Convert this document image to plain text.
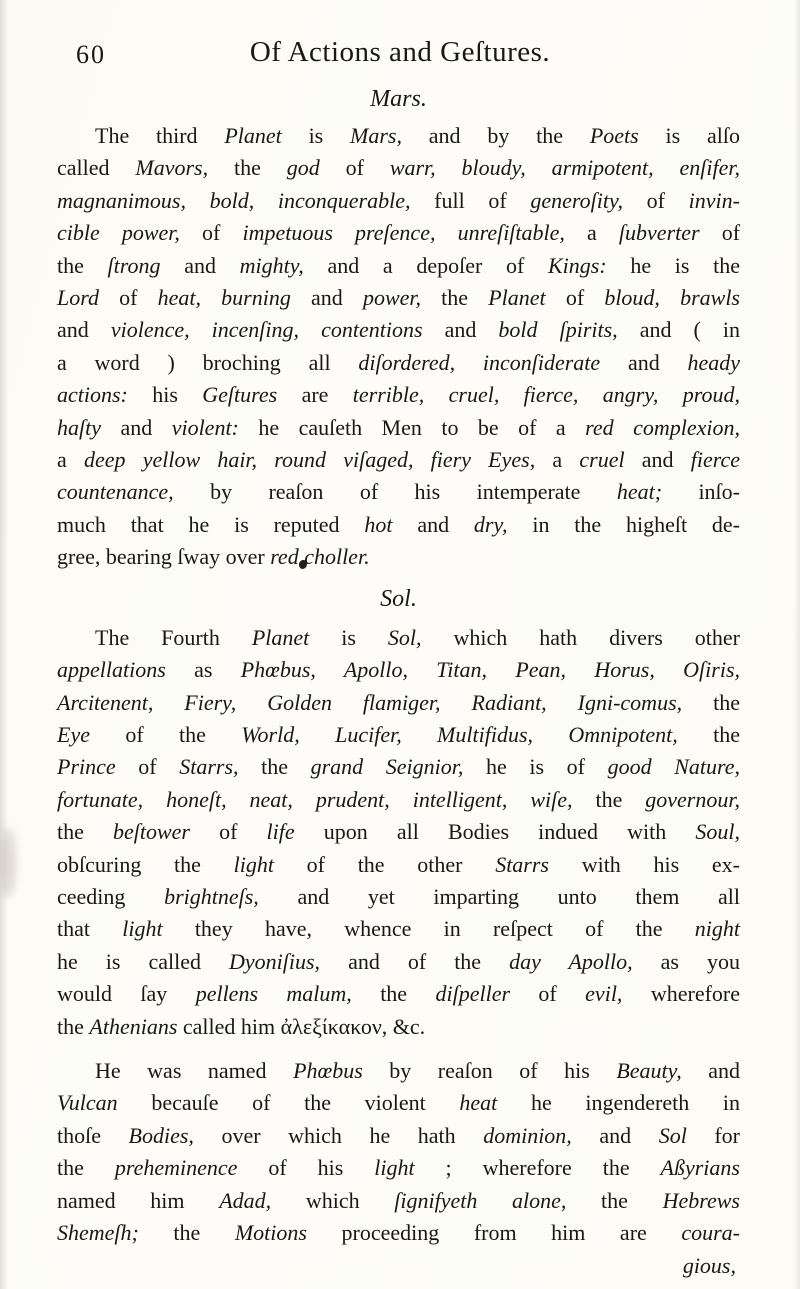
60	Of Actions and Geſtures.
Mars.
The third Planet is Mars, and by the Poets is alſo
called Mavors, the god of warr, bloudy, armipotent, enſifer,
magnanimous, bold, inconquerable, full of generoſity, of invin-
cible power, of impetuous preſence, unreſiſtable, a ſubverter of
the ſtrong and mighty, and a depoſer of Kings: he is the
Lord of heat, burning and power, the Planet of bloud, brawls
and violence, incenſing, contentions and bold ſpirits, and ( in
a word ) broching all diſordered, inconſiderate and heady
actions: his Geſtures are terrible, cruel, fierce, angry, proud,
haſty and violent: he cauſeth Men to be of a red complexion,
a deep yellow hair, round viſaged, fiery Eyes, a cruel and fierce
countenance, by reaſon of his intemperate heat; inſo-
much that he is reputed hot and dry, in the higheſt de-
gree, bearing ſway over red choller.
Sol.
The Fourth Planet is Sol, which hath divers other
appellations as Phœbus, Apollo, Titan, Pean, Horus, Oſiris,
Arcitenent, Fiery, Golden flamiger, Radiant, Igni-comus, the
Eye of the World, Lucifer, Multifidus, Omnipotent, the
Prince of Starrs, the grand Seignior, he is of good Nature,
fortunate, honeſt, neat, prudent, intelligent, wiſe, the governour,
the beſtower of life upon all Bodies indued with Soul,
obſcuring the light of the other Starrs with his ex-
ceeding brightneſs, and yet imparting unto them all
that light they have, whence in reſpect of the night
he is called Dyoniſius, and of the day Apollo, as you
would ſay pellens malum, the diſpeller of evil, wherefore
the Athenians called him ἀλεξίκακον, &c.
He was named Phœbus by reaſon of his Beauty, and
Vulcan becauſe of the violent heat he ingendereth in
thoſe Bodies, over which he hath dominion, and Sol for
the preheminence of his light ; wherefore the Aßyrians
named him Adad, which ſignifyeth alone, the Hebrews
Shemeſh; the Motions proceeding from him are coura-
gious,
